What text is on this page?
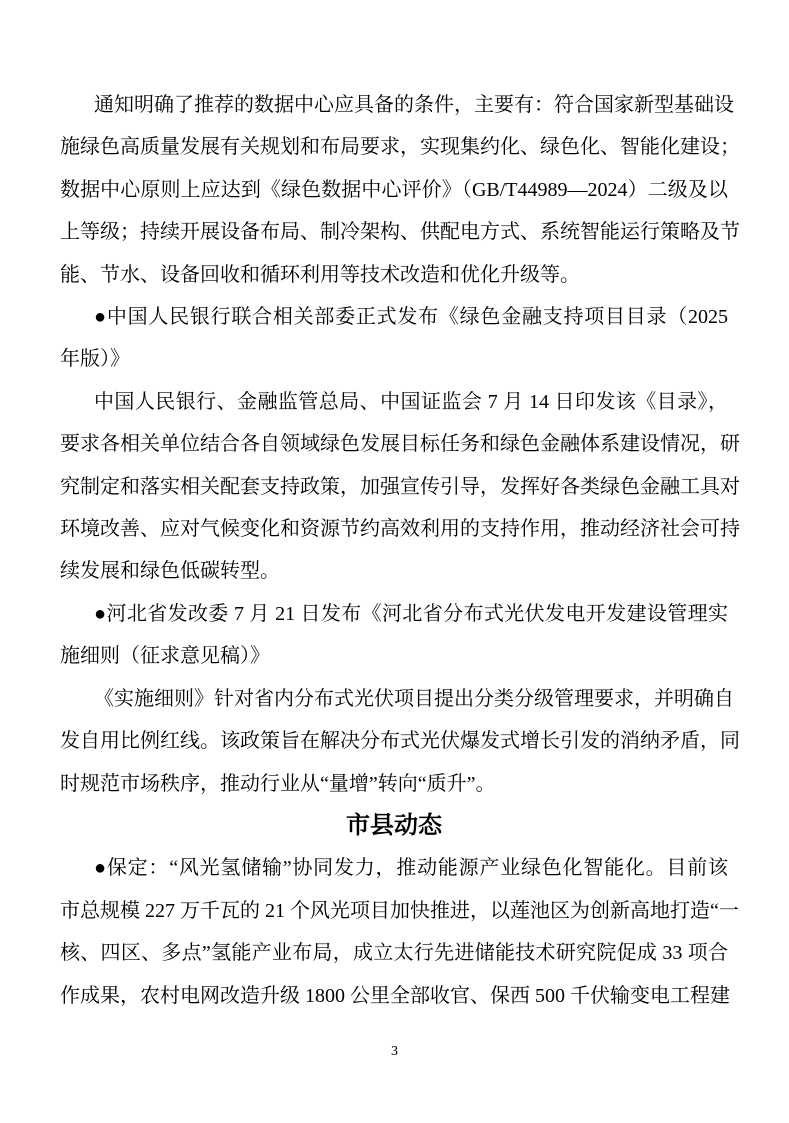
通知明确了推荐的数据中心应具备的条件，主要有：符合国家新型基础设
施绿色高质量发展有关规划和布局要求，实现集约化、绿色化、智能化建设；
数据中心原则上应达到《绿色数据中心评价》（GB/T44989—2024）二级及以
上等级；持续开展设备布局、制冷架构、供配电方式、系统智能运行策略及节
能、节水、设备回收和循环利用等技术改造和优化升级等。
●中国人民银行联合相关部委正式发布《绿色金融支持项目目录（2025
年版）》
中国人民银行、金融监管总局、中国证监会 7 月 14 日印发该《目录》，
要求各相关单位结合各自领域绿色发展目标任务和绿色金融体系建设情况，研
究制定和落实相关配套支持政策，加强宣传引导，发挥好各类绿色金融工具对
环境改善、应对气候变化和资源节约高效利用的支持作用，推动经济社会可持
续发展和绿色低碳转型。
●河北省发改委 7 月 21 日发布《河北省分布式光伏发电开发建设管理实
施细则（征求意见稿）》
《实施细则》针对省内分布式光伏项目提出分类分级管理要求，并明确自
发自用比例红线。该政策旨在解决分布式光伏爆发式增长引发的消纳矛盾，同
时规范市场秩序，推动行业从“量增”转向“质升”。
市县动态
●保定：“风光氢储输”协同发力，推动能源产业绿色化智能化。目前该
市总规模 227 万千瓦的 21 个风光项目加快推进，以莲池区为创新高地打造“一
核、四区、多点”氢能产业布局，成立太行先进储能技术研究院促成 33 项合
作成果，农村电网改造升级 1800 公里全部收官、保西 500 千伏输变电工程建
3
